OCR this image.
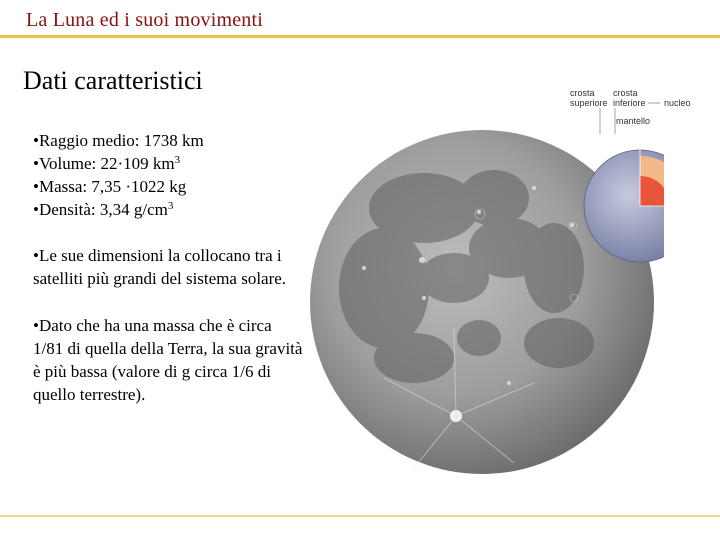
La Luna ed i suoi movimenti
Dati caratteristici

•Raggio medio: 1738 km

•Volume: 22·109 $km^3$

•Massa: 7,35 ·1022 kg

•Densità: 3,34 $g/cm^3$

•Le sue dimensioni la collocano tra i satelliti più grandi del sistema solare.

•Dato che ha una massa che è circa 1/81 di quella della Terra, la sua gravità è più bassa (valore di g circa 1/6 di quello terrestre).

crosta
superiore
crosta
inferiore nucleo
mantello
